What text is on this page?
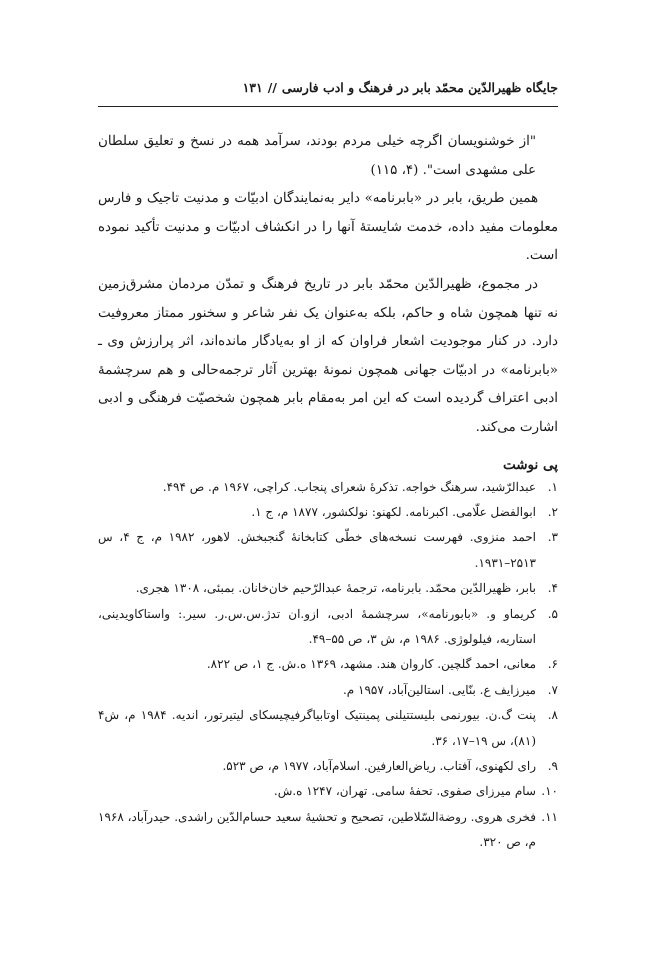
جایگاه ظهیرالدّین محمّد بابر در فرهنگ و ادب فارسی
//
۱۳۱

"از خوشنویسان اگرچه خیلی مردم بودند، سرآمد همه در نسخ و تعلیق سلطان علی مشهدی است". (۴، ۱۱۵)

همین طریق، بابر در «بابرنامه» دایر به‌نمایندگان ادبیّات و مدنیت تاجیک و فارس معلومات مفید داده، خدمت شایستهٔ آنها را در انکشاف ادبیّات و مدنیت تأکید نموده است.

در مجموع، ظهیرالدّین محمّد بابر در تاریخ فرهنگ و تمدّن مردمان مشرق‌زمین نه تنها همچون شاه و حاکم، بلکه به‌عنوان یک نفر شاعر و سخنور ممتاز معروفیت دارد. در کنار موجودیت اشعار فراوان که از او به‌یادگار مانده‌اند، اثر پرارزش وی ـ «بابرنامه» در ادبیّات جهانی همچون نمونهٔ بهترین آثار ترجمه‌حالی و هم سرچشمهٔ ادبی اعتراف گردیده است که این امر به‌مقام بابر همچون شخصیّت فرهنگی و ادبی اشارت می‌کند.

پی نوشت
۱.
عبدالرّشید، سرهنگ خواجه. تذکرهٔ شعرای پنجاب. کراچی، ۱۹۶۷ م. ص ۴۹۴.
۲.
ابوالفضل علّامی. اکبرنامه. لکهنو: نولکشور، ۱۸۷۷ م، ج ۱.
۳.
احمد منزوی. فهرست نسخه‌های خطّی کتابخانهٔ گنجبخش. لاهور، ۱۹۸۲ م، ج ۴، س ۲۵۱۳–۱۹۳۱.
۴.
بابر، ظهیرالدّین محمّد. بابرنامه، ترجمهٔ عبدالرّحیم خان‌خانان. بمبئی، ۱۳۰۸ هجری.
۵.
کریماو و. «بابورنامه»، سرچشمهٔ ادبی، ازو.ان تدژ.س.س.ر. سیر.: واستاکاویدینی، استاریه، فیلولوژی. ۱۹۸۶ م، ش ۳، ص ۵۵–۴۹.
۶.
معانی، احمد گلچین. کاروان هند. مشهد، ۱۳۶۹ ه.ش. ج ۱، ص ۸۲۲.
۷.
میرزایف ع. بنّایی. استالین‌آباد، ۱۹۵۷ م.
۸.
پنت گ.ن. بیورنمی بلیستتیلنی پمینتیک اوتابیاگرفیچیسکای لیتیرتور، اندیه. ۱۹۸۴ م، ش۴ (۸۱)، س ۱۹–۱۷، ۳۶.
۹.
رای لکهنوی، آفتاب. ریاض‌العارفین. اسلام‌آباد، ۱۹۷۷ م، ص ۵۲۳.
۱۰.
سام میرزای صفوی. تحفهٔ سامی. تهران، ۱۲۴۷ ه.ش.
۱۱.
فخری هروی. روضة‌السّلاطین، تصحیح و تحشیهٔ سعید حسام‌الدّین راشدی. حیدرآباد، ۱۹۶۸ م، ص ۳۲۰.
